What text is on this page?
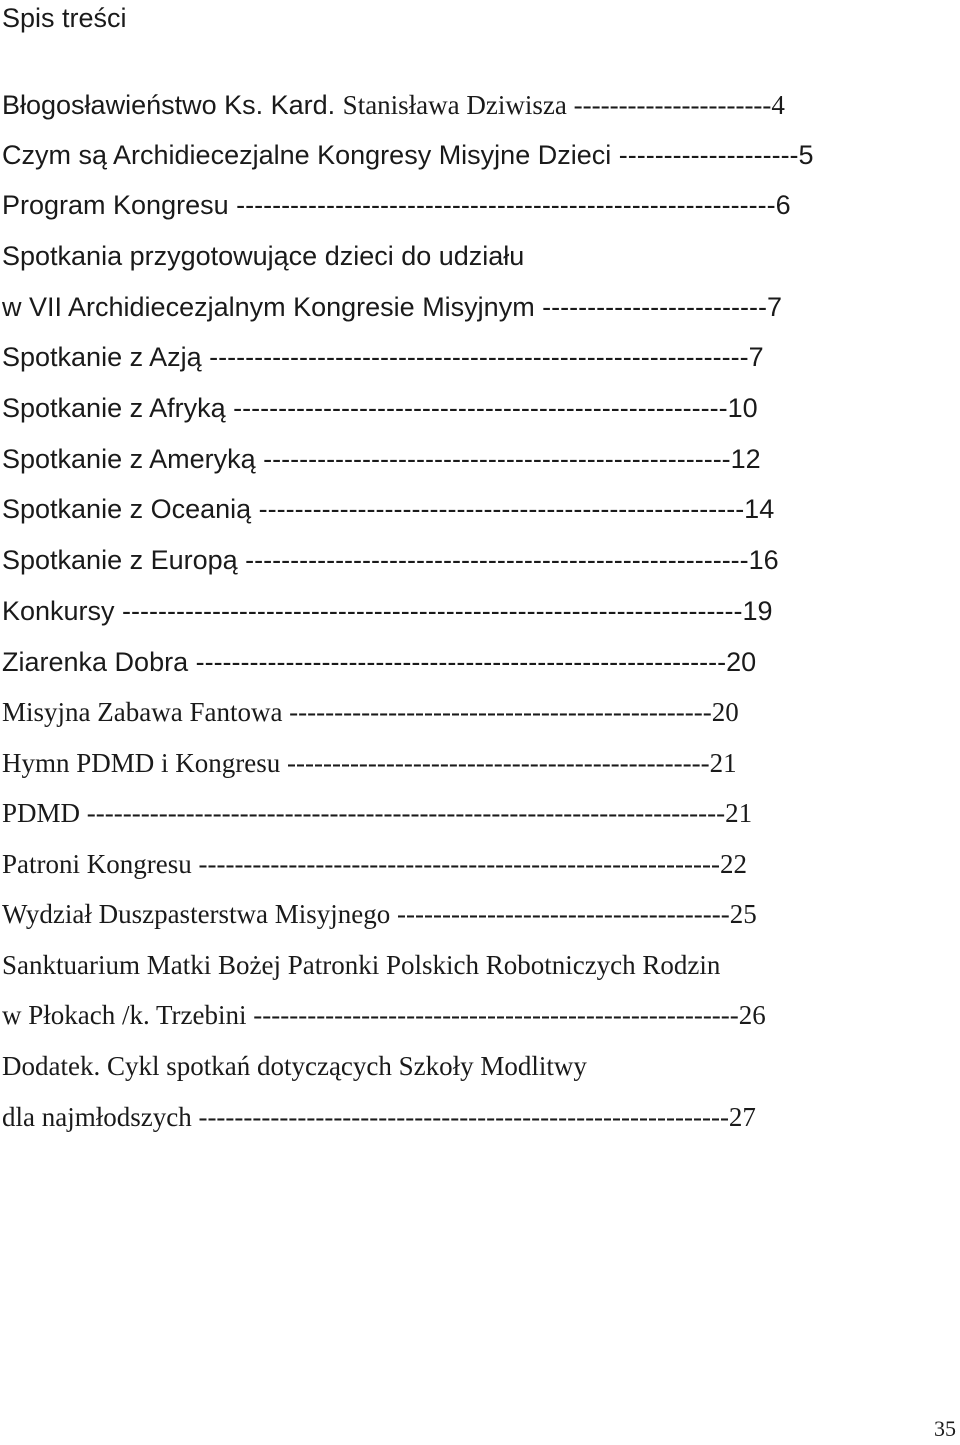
Spis treści
Błogosławieństwo Ks. Kard. Stanisława Dziwisza ----------------------4
Czym są Archidiecezjalne Kongresy Misyjne Dzieci --------------------5
Program Kongresu ------------------------------------------------------------6
Spotkania przygotowujące dzieci do udziału
w VII Archidiecezjalnym Kongresie Misyjnym -------------------------7
Spotkanie z Azją ------------------------------------------------------------7
Spotkanie z Afryką -------------------------------------------------------10
Spotkanie z Ameryką ----------------------------------------------------12
Spotkanie z Oceanią ------------------------------------------------------14
Spotkanie z Europą --------------------------------------------------------16
Konkursy ---------------------------------------------------------------------19
Ziarenka Dobra -----------------------------------------------------------20
Misyjna Zabawa Fantowa -----------------------------------------------20
Hymn PDMD i Kongresu -----------------------------------------------21
PDMD -----------------------------------------------------------------------21
Patroni Kongresu ----------------------------------------------------------22
Wydział Duszpasterstwa Misyjnego -------------------------------------25
Sanktuarium Matki Bożej Patronki Polskich Robotniczych Rodzin
w Płokach /k. Trzebini ------------------------------------------------------26
Dodatek. Cykl spotkań dotyczących Szkoły Modlitwy
dla najmłodszych -----------------------------------------------------------27
35
